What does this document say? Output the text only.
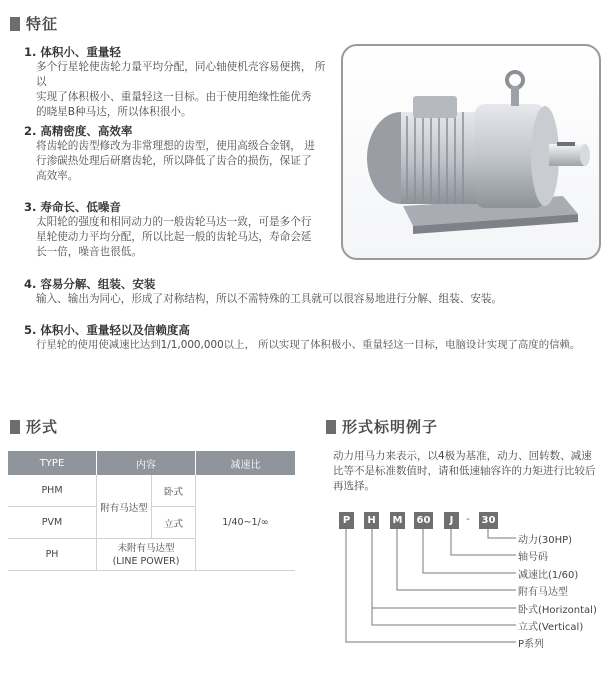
特征
1. 体积小、重量轻
多个行星轮使齿轮力量平均分配，同心轴使机壳容易便携， 所以
实现了体积极小、重量轻这一目标。由于使用绝缘性能优秀
的晓星B种马达，所以体积很小。
2. 高精密度、高效率
将齿轮的齿型修改为非常理想的齿型，使用高级合金钢， 进
行渗碳热处理后研磨齿轮，所以降低了齿合的损伤，保证了
高效率。
3. 寿命长、低噪音
太阳轮的强度和相同动力的一般齿轮马达一致，可是多个行
星轮使动力平均分配，所以比起一般的齿轮马达，寿命会延
长一倍，噪音也很低。
4. 容易分解、组装、安装
输入、输出为同心，形成了对称结构，所以不需特殊的工具就可以很容易地进行分解、组装、安装。
5. 体积小、重量轻以及信赖度高
行星轮的使用使减速比达到1/1,000,000以上， 所以实现了体积极小、重量轻这一目标，电脑设计实现了高度的信赖。
形式
TYPE	内容		减速比
PHM	附有马达型	卧式	1/40~1/∞
PVM		立式	
PH	未附有马达型
(LINE POWER)		
形式标明例子
动力用马力来表示，以4极为基准，动力、回转数、减速比等不是标准数值时，请和低速轴容许的力矩进行比较后再选择。
P	H	M 60	J	- 30
动力(30HP)
轴号码
减速比(1/60)
附有马达型
卧式(Horizontal)
立式(Vertical)
P系列
